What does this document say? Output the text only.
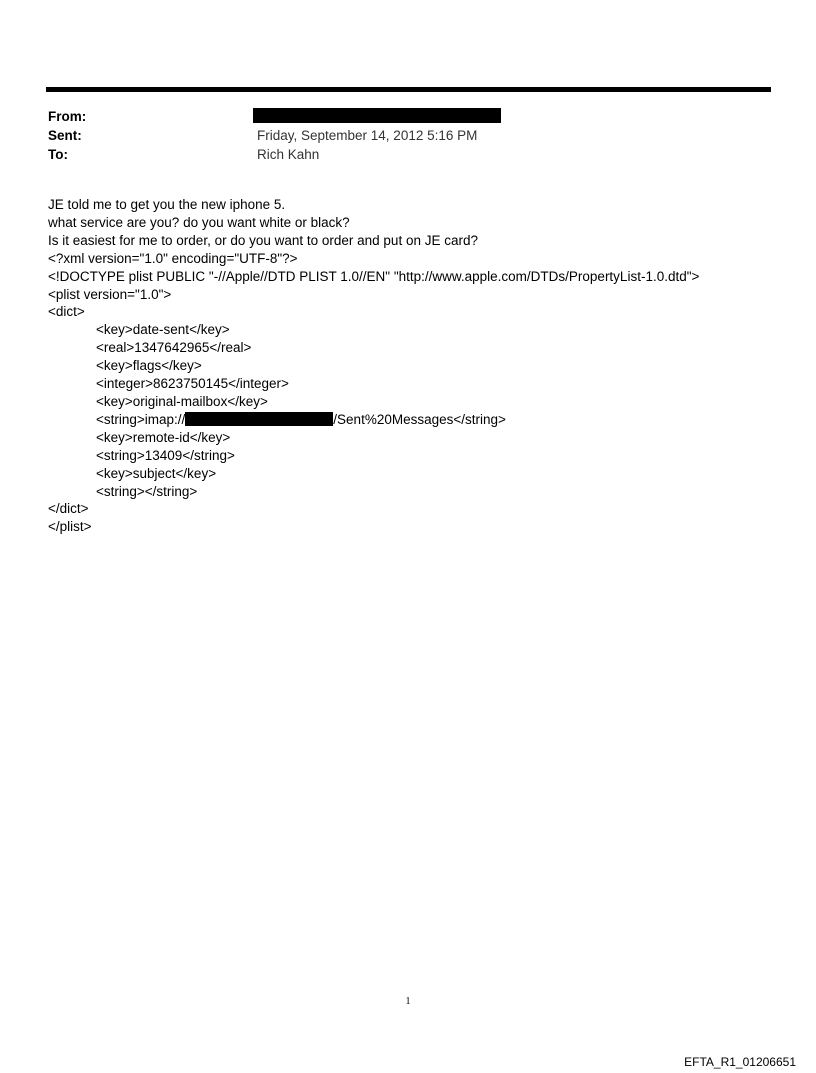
From:
Sent:	Friday, September 14, 2012 5:16 PM
To:	Rich Kahn
JE told me to get you the new iphone 5.
what service are you? do you want white or black?
Is it easiest for me to order, or do you want to order and put on JE card?
<?xml version="1.0" encoding="UTF-8"?>
<!DOCTYPE plist PUBLIC "-//Apple//DTD PLIST 1.0//EN" "http://www.apple.com/DTDs/PropertyList-1.0.dtd">
<plist version="1.0">
<dict>
<key>date-sent</key>
<real>1347642965</real>
<key>flags</key>
<integer>8623750145</integer>
<key>original-mailbox</key>
<string>imap://	/Sent%20Messages</string>
<key>remote-id</key>
<string>13409</string>
<key>subject</key>
<string></string>
</dict>
</plist>
1
EFTA_R1_01206651
